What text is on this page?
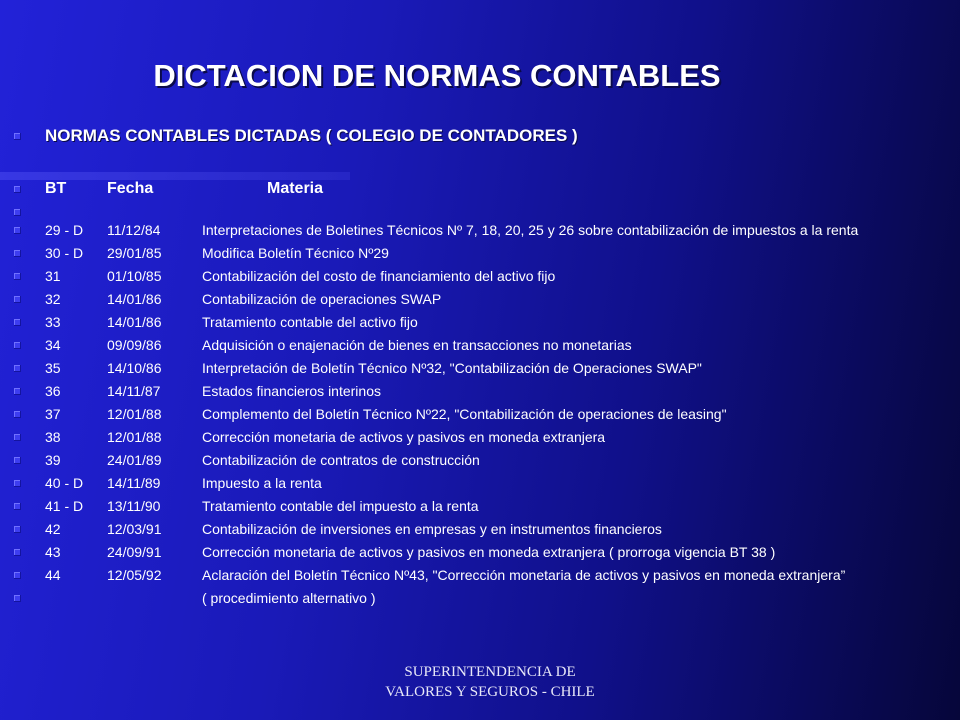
DICTACION DE NORMAS CONTABLES
NORMAS CONTABLES DICTADAS ( COLEGIO DE CONTADORES )
BT	Fecha	Materia
29 - D	11/12/84	Interpretaciones de Boletines Técnicos Nº 7, 18, 20, 25 y 26 sobre contabilización de impuestos a la renta
30 - D	29/01/85	Modifica Boletín Técnico Nº29
31	01/10/85	Contabilización del costo de financiamiento del activo fijo
32	14/01/86	Contabilización de operaciones SWAP
33	14/01/86	Tratamiento contable del activo fijo
34	09/09/86	Adquisición o enajenación de bienes en transacciones no monetarias
35	14/10/86	Interpretación de Boletín Técnico Nº32, "Contabilización de Operaciones SWAP"
36	14/11/87	Estados financieros interinos
37	12/01/88	Complemento del Boletín Técnico Nº22, "Contabilización de operaciones de leasing"
38	12/01/88	Corrección monetaria de activos y pasivos en moneda extranjera
39	24/01/89	Contabilización de contratos de construcción
40 - D	14/11/89	Impuesto a la renta
41 - D	13/11/90	Tratamiento contable del impuesto a la renta
42	12/03/91	Contabilización de inversiones en empresas y en instrumentos financieros
43	24/09/91	Corrección monetaria de activos y pasivos en moneda extranjera ( prorroga vigencia BT 38 )
44	12/05/92	Aclaración del Boletín Técnico Nº43, "Corrección monetaria de activos y pasivos en moneda extranjera”
( procedimiento alternativo )
SUPERINTENDENCIA DE
VALORES Y SEGUROS - CHILE
